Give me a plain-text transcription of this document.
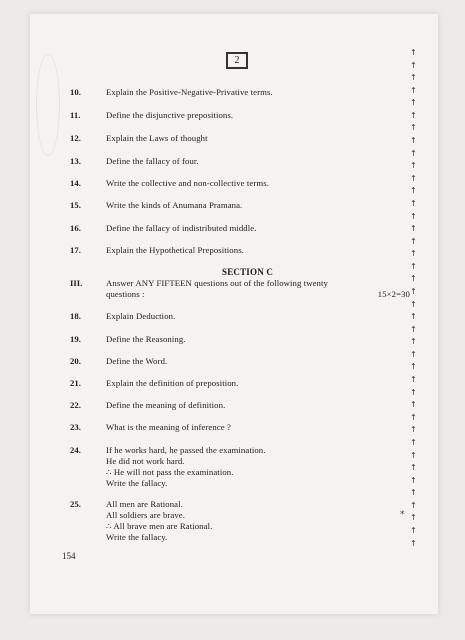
2
10.	Explain the Positive-Negative-Privative terms.
11.	Define the disjunctive prepositions.
12.	Explain the Laws of thought
13.	Define the fallacy of four.
14.	Write the collective and non-collective terms.
15.	Write the kinds of Anumana Pramana.
16.	Define the fallacy of indistributed middle.
17.	Explain the Hypothetical Prepositions.
SECTION C
III.	Answer ANY FIFTEEN questions out of the following twenty
questions :	15×2=30
18.	Explain Deduction.
19.	Define the Reasoning.
20.	Define the Word.
21.	Explain the definition of preposition.
22.	Define the meaning of definition.
23.	What is the meaning of inference ?
24.	If he works hard, he passed the examination.
He did not work hard.
∴ He will not pass the examination.
Write the fallacy.
25.	All men are Rational.
All soldiers are brave.
∴ All brave men are Rational.
Write the fallacy.
⁎
154
↑
↑
↑
↑
↑
↑
↑
↑
↑
↑
↑
↑
↑
↑
↑
↑
↑
↑
↑
↑
↑
↑
↑
↑
↑
↑
↑
↑
↑
↑
↑
↑
↑
↑
↑
↑
↑
↑
↑
↑
